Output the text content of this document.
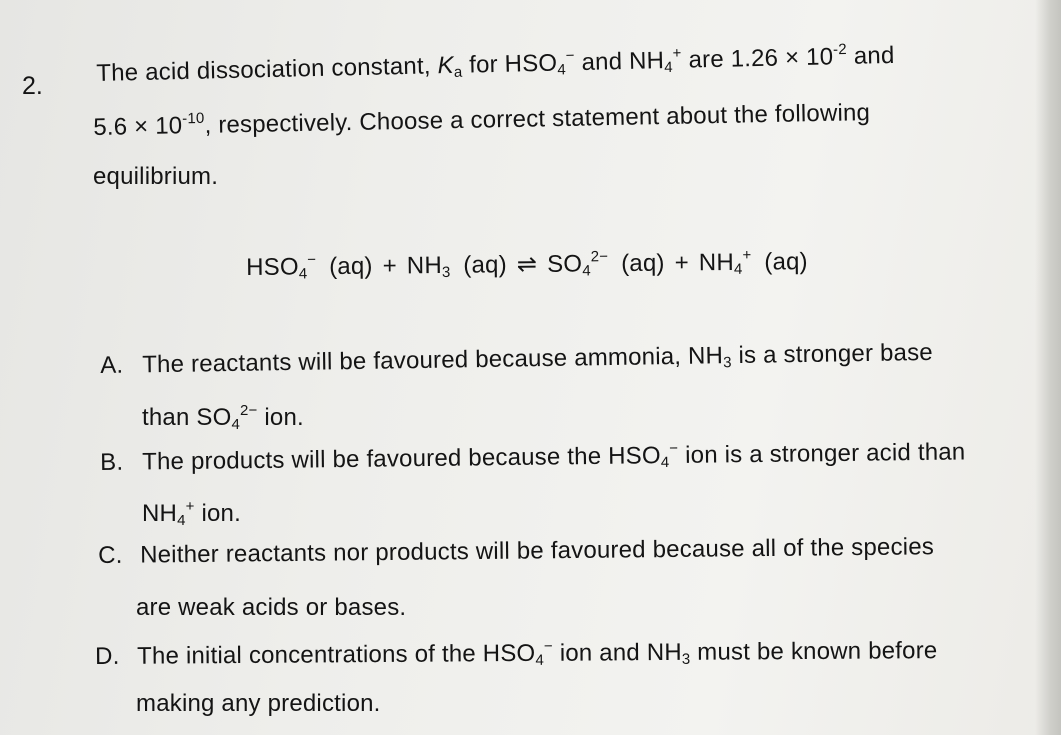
2. The acid dissociation constant, $K_a$ for $HSO_4^-$ and $NH_4^+$ are $1.26 \times 10^{-2}$ and
$5.6 \times 10^{-10}$, respectively. Choose a correct statement about the following
equilibrium.
$HSO_4^-$ $(aq) + NH_3$ (aq) ⇌ $SO_4^{2-}$ $(aq) + NH_4^+$ (aq)
A. The reactants will be favoured because ammonia, $NH_3$ is a stronger base
than $SO_4^{2-}$ ion.
B. The products will be favoured because the $HSO_4^-$ ion is a stronger acid than
$NH_4^+$ ion.
C. Neither reactants nor products will be favoured because all of the species
are weak acids or bases.
D. The initial concentrations of the $HSO_4^-$ ion and $NH_3$ must be known before
making any prediction.
